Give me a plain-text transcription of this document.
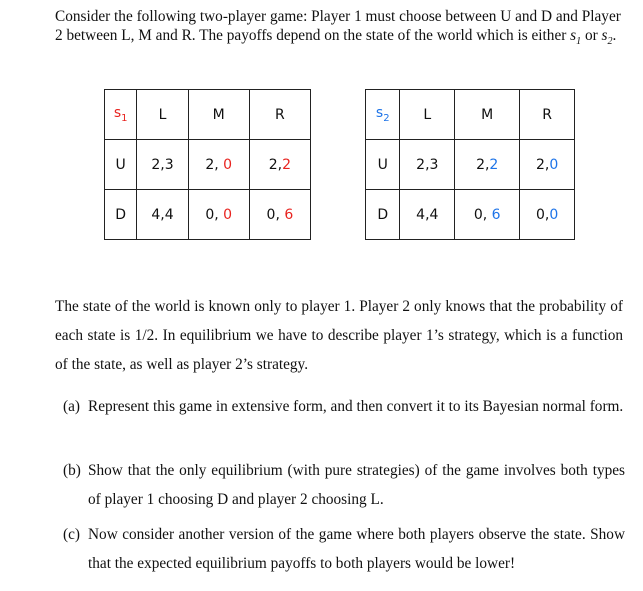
Consider the following two-player game: Player 1 must choose between U and D and Player 2 between L, M and R. The payoffs depend on the state of the world which is either $s_1$ or $s_2$.
$s_1$	L	M	R
U	2,3	2, 0	2,2
D	4,4	0, 0	0, 6
$s_2$	L	M	R
U	2,3	2,2	2,0
D	4,4	0, 6	0,0
The state of the world is known only to player 1. Player 2 only knows that the probability of each state is 1/2. In equilibrium we have to describe player 1’s strategy, which is a function of the state, as well as player 2’s strategy.
(a) Represent this game in extensive form, and then convert it to its Bayesian normal form.
(b) Show that the only equilibrium (with pure strategies) of the game involves both types of player 1 choosing D and player 2 choosing L.
(c) Now consider another version of the game where both players observe the state. Show that the expected equilibrium payoffs to both players would be lower!
